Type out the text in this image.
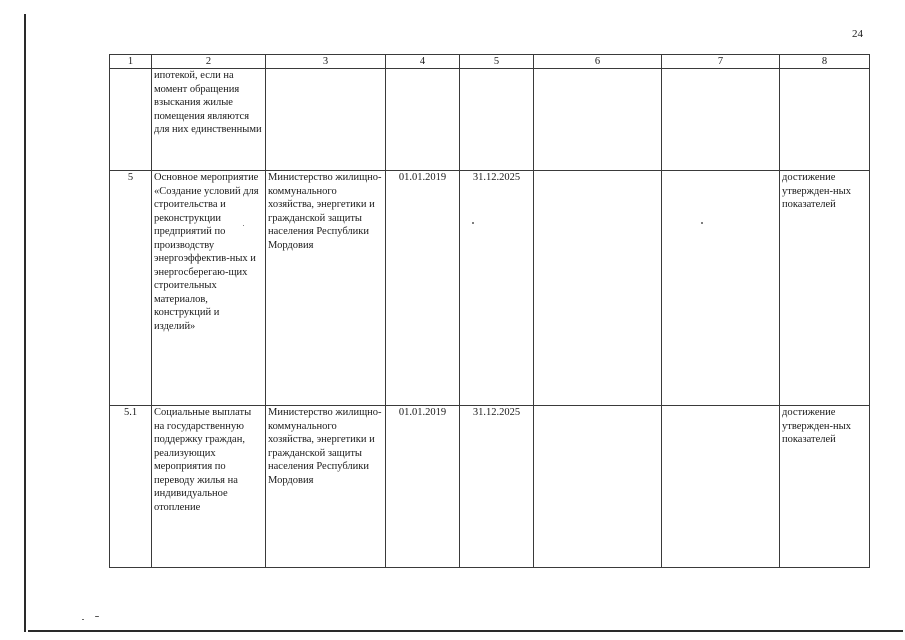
24
1	2	3	4	5	6	7	8
	ипотекой, если на момент обращения взыскания жилые помещения являются для них единственными						
5	Основное мероприятие «Создание условий для строительства и реконструкции предприятий по производству энергоэффектив-ных и энергосберегаю-щих строительных материалов, конструкций и изделий»	Министерство жилищно-коммунального хозяйства, энергетики и гражданской защиты населения Республики Мордовия	01.01.2019	31.12.2025			достижение утвержден-ных показателей
5.1	Социальные выплаты на государственную поддержку граждан, реализующих мероприятия по переводу жилья на индивидуальное отопление	Министерство жилищно-коммунального хозяйства, энергетики и гражданской защиты населения Республики Мордовия	01.01.2019	31.12.2025			достижение утвержден-ных показателей
